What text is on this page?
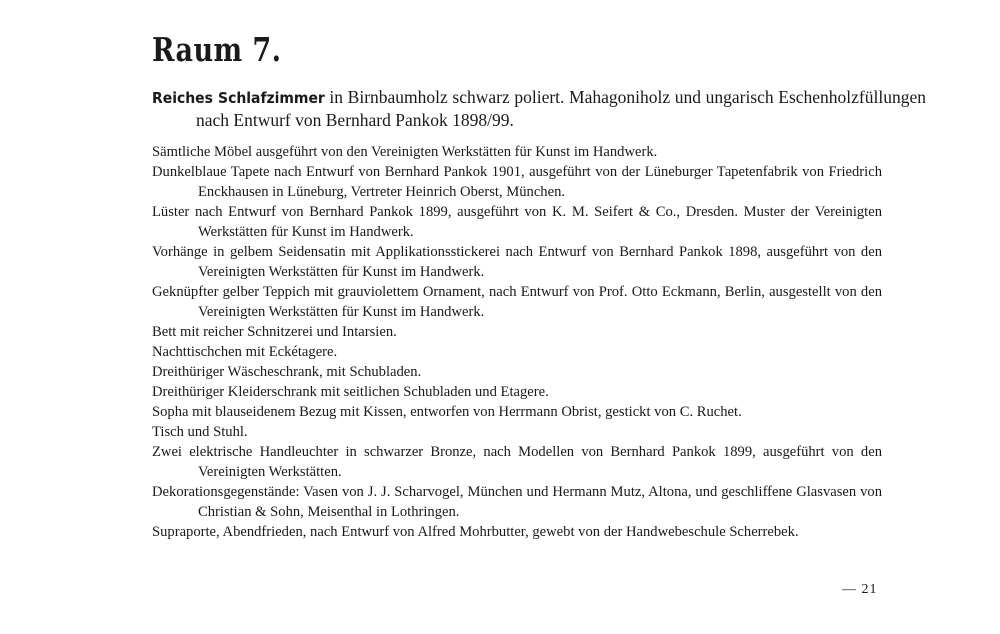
Raum 7.

Reiches Schlafzimmer in Birnbaumholz schwarz poliert. Mahagoniholz und ungarisch Eschenholzfüllungen nach Entwurf von Bernhard Pankok 1898/99.

Sämtliche Möbel ausgeführt von den Vereinigten Werkstätten für Kunst im Handwerk.
Dunkelblaue Tapete nach Entwurf von Bernhard Pankok 1901, ausgeführt von der Lüneburger Tapetenfabrik von Friedrich Enckhausen in Lüneburg, Vertreter Heinrich Oberst, München.
Lüster nach Entwurf von Bernhard Pankok 1899, ausgeführt von K. M. Seifert & Co., Dresden. Muster der Vereinigten Werkstätten für Kunst im Handwerk.
Vorhänge in gelbem Seidensatin mit Applikationsstickerei nach Entwurf von Bernhard Pankok 1898, ausgeführt von den Vereinigten Werkstätten für Kunst im Handwerk.
Geknüpfter gelber Teppich mit grauviolettem Ornament, nach Entwurf von Prof. Otto Eckmann, Berlin, ausgestellt von den Vereinigten Werkstätten für Kunst im Handwerk.
Bett mit reicher Schnitzerei und Intarsien.
Nachttischchen mit Eckétagere.
Dreithüriger Wäscheschrank, mit Schubladen.
Dreithüriger Kleiderschrank mit seitlichen Schubladen und Etagere.
Sopha mit blauseidenem Bezug mit Kissen, entworfen von Herrmann Obrist, gestickt von C. Ruchet.
Tisch und Stuhl.
Zwei elektrische Handleuchter in schwarzer Bronze, nach Modellen von Bernhard Pankok 1899, ausgeführt von den Vereinigten Werkstätten.
Dekorationsgegenstände: Vasen von J. J. Scharvogel, München und Hermann Mutz, Altona, und geschliffene Glasvasen von Christian & Sohn, Meisenthal in Lothringen.
Supraporte, Abendfrieden, nach Entwurf von Alfred Mohrbutter, gewebt von der Handwebeschule Scherrebek.
— 21
